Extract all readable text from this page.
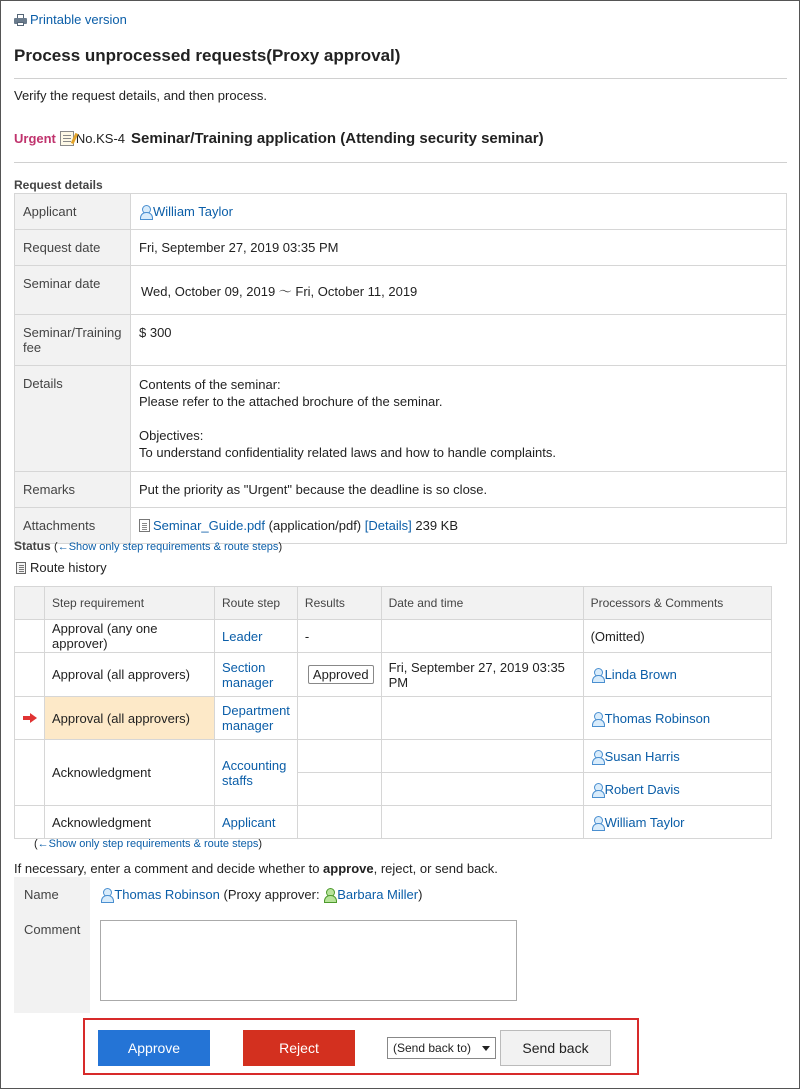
Printable version
Process unprocessed requests(Proxy approval)
Verify the request details, and then process.
Urgent No.KS-4 Seminar/Training application (Attending security seminar)
Request details
Applicant	William Taylor
Request date	Fri, September 27, 2019 03:35 PM
Seminar date	Wed, October 09, 2019 ～ Fri, October 11, 2019
Seminar/Training fee	$ 300
Details	Contents of the seminar:
Please refer to the attached brochure of the seminar.
Objectives:
To understand confidentiality related laws and how to handle complaints.

Remarks	Put the priority as "Urgent" because the deadline is so close.
Attachments	Seminar_Guide.pdf (application/pdf) [Details] 239 KB
Status (←Show only step requirements & route steps)
Route history
	Step requirement	Route step	Results	Date and time	Processors & Comments
	Approval (any one approver)	Leader	-		(Omitted)
	Approval (all approvers)	Section manager	Approved	Fri, September 27, 2019 03:35 PM	Linda Brown
	Approval (all approvers)	Department manager			Thomas Robinson
	Acknowledgment	Accounting staffs			Susan Harris
					Robert Davis
	Acknowledgment	Applicant			William Taylor
(←Show only step requirements & route steps)
If necessary, enter a comment and decide whether to approve, reject, or send back.
Name	Thomas Robinson (Proxy approver: Barbara Miller)
Comment	
Approve	Reject	(Send back to)	Send back
